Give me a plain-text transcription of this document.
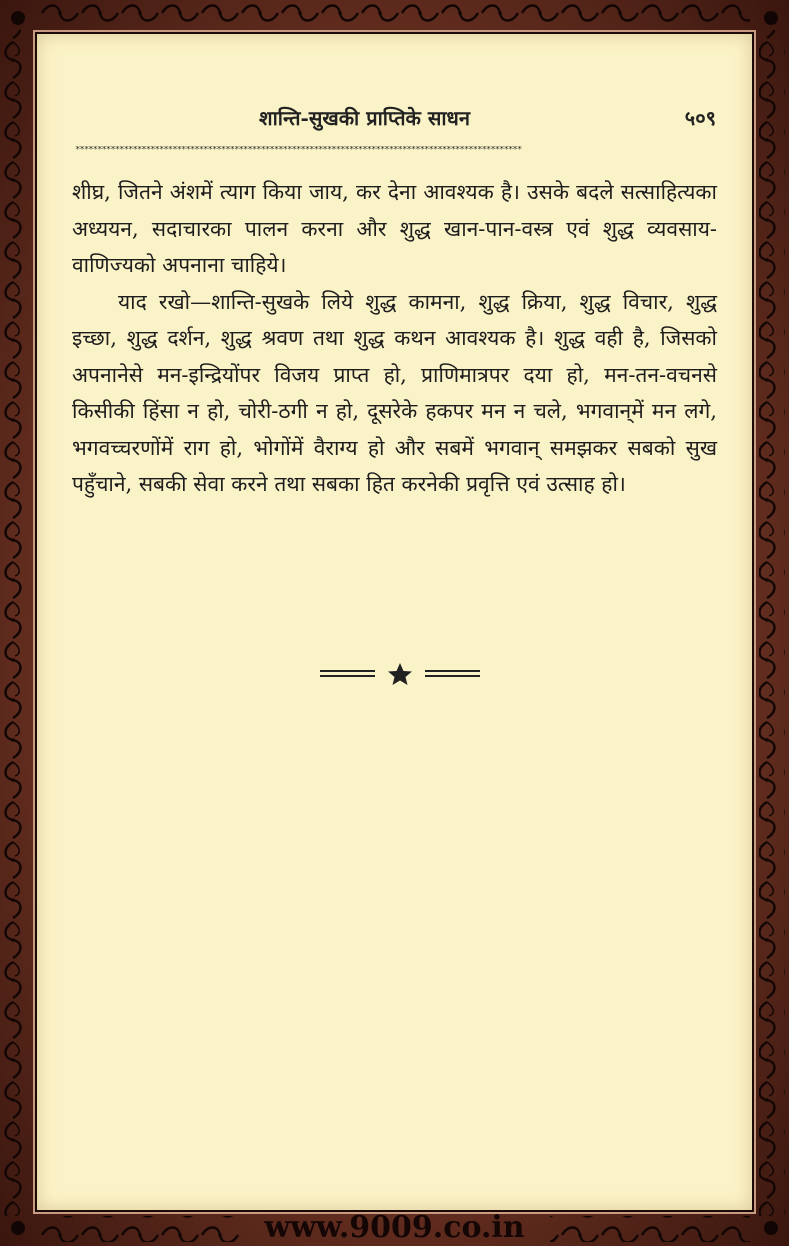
शान्ति-सुखकी प्राप्तिके साधन	५०९
*****************************************************************************************************

शीघ्र, जितने अंशमें त्याग किया जाय, कर देना आवश्यक है। उसके बदले सत्साहित्यका अध्ययन, सदाचारका पालन करना और शुद्ध खान-पान-वस्त्र एवं शुद्ध व्यवसाय-वाणिज्यको अपनाना चाहिये।

याद रखो—शान्ति-सुखके लिये शुद्ध कामना, शुद्ध क्रिया, शुद्ध विचार, शुद्ध इच्छा, शुद्ध दर्शन, शुद्ध श्रवण तथा शुद्ध कथन आवश्यक है। शुद्ध वही है, जिसको अपनानेसे मन-इन्द्रियोंपर विजय प्राप्त हो, प्राणिमात्रपर दया हो, मन-तन-वचनसे किसीकी हिंसा न हो, चोरी-ठगी न हो, दूसरेके हकपर मन न चले, भगवान्‌में मन लगे, भगवच्चरणोंमें राग हो, भोगोंमें वैराग्य हो और सबमें भगवान् समझकर सबको सुख पहुँचाने, सबकी सेवा करने तथा सबका हित करनेकी प्रवृत्ति एवं उत्साह हो।

www.9009.co.in
